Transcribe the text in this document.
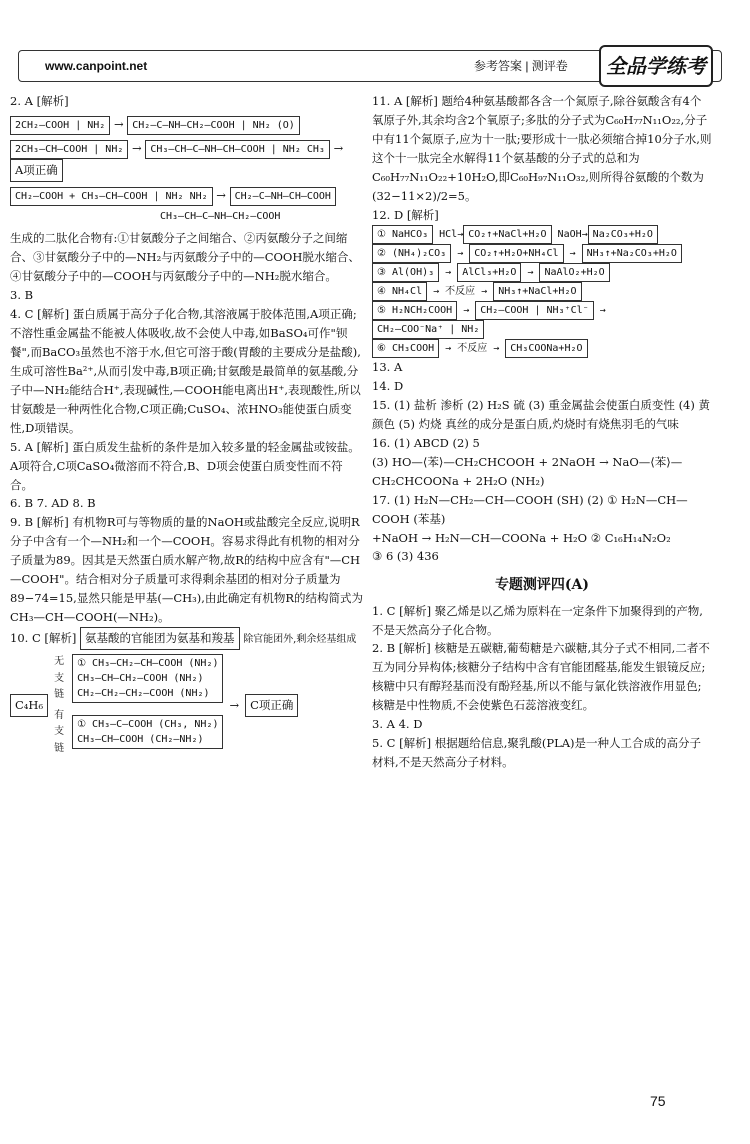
www.canpoint.net	参考答案 | 测评卷	全品学练考

2. A [解析]

2CH₂—COOH | NH₂ → CH₂—C—NH—CH₂—COOH | NH₂ (O)
2CH₃—CH—COOH | NH₂ → CH₃—CH—C—NH—CH—COOH | NH₂ CH₃ → A项正确
CH₂—COOH + CH₃—CH—COOH | NH₂ NH₂ → CH₂—C—NH—CH—COOH
CH₃—CH—C—NH—CH₂—COOH

生成的二肽化合物有:①甘氨酸分子之间缩合、②丙氨酸分子之间缩合、③甘氨酸分子中的—NH₂与丙氨酸分子中的—COOH脱水缩合、④甘氨酸分子中的—COOH与丙氨酸分子中的—NH₂脱水缩合。

3. B

4. C [解析] 蛋白质属于高分子化合物,其溶液属于胶体范围,A项正确;不溶性重金属盐不能被人体吸收,故不会使人中毒,如BaSO₄可作"钡餐",而BaCO₃虽然也不溶于水,但它可溶于酸(胃酸的主要成分是盐酸),生成可溶性Ba²⁺,从而引发中毒,B项正确;甘氨酸是最简单的氨基酸,分子中—NH₂能结合H⁺,表现碱性,—COOH能电离出H⁺,表现酸性,所以甘氨酸是一种两性化合物,C项正确;CuSO₄、浓HNO₃能使蛋白质变性,D项错误。

5. A [解析] 蛋白质发生盐析的条件是加入较多量的轻金属盐或铵盐。A项符合,C项CaSO₄微溶而不符合,B、D项会使蛋白质变性而不符合。

6. B 7. AD 8. B

9. B [解析] 有机物R可与等物质的量的NaOH或盐酸完全反应,说明R分子中含有一个—NH₂和一个—COOH。容易求得此有机物的相对分子质量为89。因其是天然蛋白质水解产物,故R的结构中应含有"—CH—COOH"。结合相对分子质量可求得剩余基团的相对分子质量为89−74=15,显然只能是甲基(—CH₃),由此确定有机物R的结构简式为CH₃—CH—COOH(—NH₂)。

10. C [解析] 氨基酸的官能团为氨基和羧基 除官能团外,剩余烃基组成

C₄H₆
无支链
① CH₃—CH₂—CH—COOH (NH₂)
CH₃—CH—CH₂—COOH (NH₂)
CH₂—CH₂—CH₂—COOH (NH₂)
有支链
① CH₃—C—COOH (CH₃, NH₂)
CH₃—CH—COOH (CH₂—NH₂)
→ C项正确

11. A [解析] 题给4种氨基酸都各含一个氮原子,除谷氨酸含有4个氧原子外,其余均含2个氧原子;多肽的分子式为C₆₀H₇₇N₁₁O₂₂,分子中有11个氮原子,应为十一肽;要形成十一肽必须缩合掉10分子水,则这个十一肽完全水解得11个氨基酸的分子式的总和为C₆₀H₇₇N₁₁O₂₂+10H₂O,即C₆₀H₉₇N₁₁O₃₂,则所得谷氨酸的个数为(32−11×2)/2=5。

12. D [解析]

① NaHCO₃ HCl→ CO₂↑+NaCl+H₂O NaOH→ Na₂CO₃+H₂O
② (NH₄)₂CO₃ → CO₂↑+H₂O+NH₄Cl → NH₃↑+Na₂CO₃+H₂O
③ Al(OH)₃ → AlCl₃+H₂O → NaAlO₂+H₂O
④ NH₄Cl → 不反应 → NH₃↑+NaCl+H₂O
⑤ H₂NCH₂COOH → CH₂—COOH | NH₃⁺Cl⁻ → CH₂—COO⁻Na⁺ | NH₂
⑥ CH₃COOH → 不反应 → CH₃COONa+H₂O

13. A

14. D

15. (1) 盐析 渗析 (2) H₂S 硫 (3) 重金属盐会使蛋白质变性 (4) 黄 颜色 (5) 灼烧 真丝的成分是蛋白质,灼烧时有烧焦羽毛的气味

16. (1) ABCD (2) 5

(3) HO—⟨苯⟩—CH₂CHCOOH + 2NaOH → NaO—⟨苯⟩—CH₂CHCOONa + 2H₂O (NH₂)

17. (1) H₂N—CH₂—CH—COOH (SH) (2) ① H₂N—CH—COOH (苯基)

+NaOH → H₂N—CH—COONa + H₂O ② C₁₆H₁₄N₂O₂

③ 6 (3) 436

专题测评四(A)

1. C [解析] 聚乙烯是以乙烯为原料在一定条件下加聚得到的产物,不是天然高分子化合物。

2. B [解析] 核糖是五碳糖,葡萄糖是六碳糖,其分子式不相同,二者不互为同分异构体;核糖分子结构中含有官能团醛基,能发生银镜反应;核糖中只有醇羟基而没有酚羟基,所以不能与氯化铁溶液作用显色;核糖是中性物质,不会使紫色石蕊溶液变红。

3. A 4. D

5. C [解析] 根据题给信息,聚乳酸(PLA)是一种人工合成的高分子材料,不是天然高分子材料。

75
